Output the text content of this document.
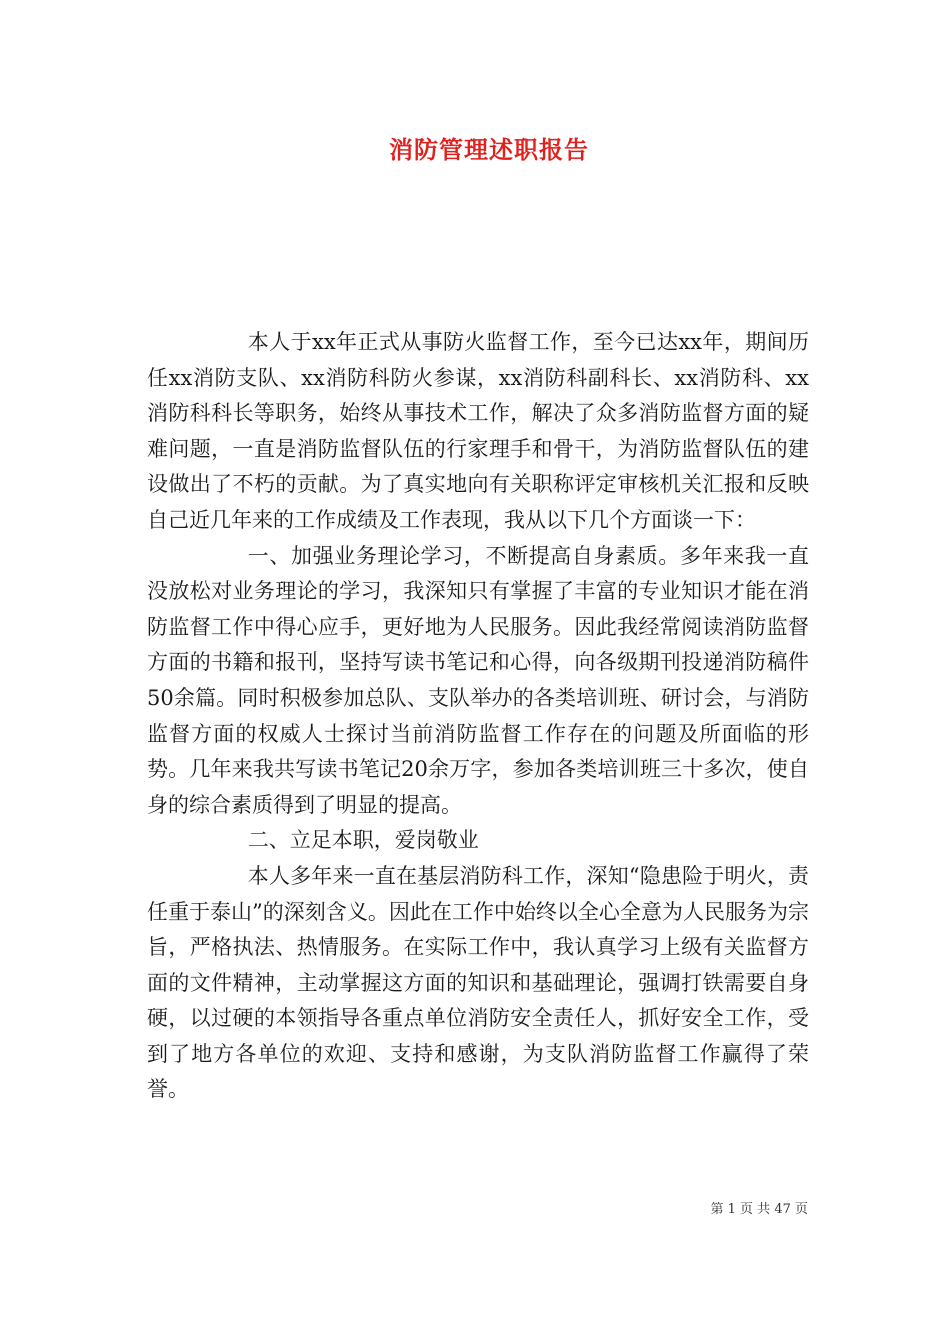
消防管理述职报告

本人于xx年正式从事防火监督工作，至今已达xx年，期间历任xx消防支队、xx消防科防火参谋，xx消防科副科长、xx消防科、xx消防科科长等职务，始终从事技术工作，解决了众多消防监督方面的疑难问题，一直是消防监督队伍的行家理手和骨干，为消防监督队伍的建设做出了不朽的贡献。为了真实地向有关职称评定审核机关汇报和反映自己近几年来的工作成绩及工作表现，我从以下几个方面谈一下：

一、加强业务理论学习，不断提高自身素质。多年来我一直没放松对业务理论的学习，我深知只有掌握了丰富的专业知识才能在消防监督工作中得心应手，更好地为人民服务。因此我经常阅读消防监督方面的书籍和报刊，坚持写读书笔记和心得，向各级期刊投递消防稿件50余篇。同时积极参加总队、支队举办的各类培训班、研讨会，与消防监督方面的权威人士探讨当前消防监督工作存在的问题及所面临的形势。几年来我共写读书笔记20余万字，参加各类培训班三十多次，使自身的综合素质得到了明显的提高。

二、立足本职，爱岗敬业

本人多年来一直在基层消防科工作，深知“隐患险于明火，责任重于泰山”的深刻含义。因此在工作中始终以全心全意为人民服务为宗旨，严格执法、热情服务。在实际工作中，我认真学习上级有关监督方面的文件精神，主动掌握这方面的知识和基础理论，强调打铁需要自身硬，以过硬的本领指导各重点单位消防安全责任人，抓好安全工作，受到了地方各单位的欢迎、支持和感谢，为支队消防监督工作赢得了荣誉。

第 1 页 共 47 页
